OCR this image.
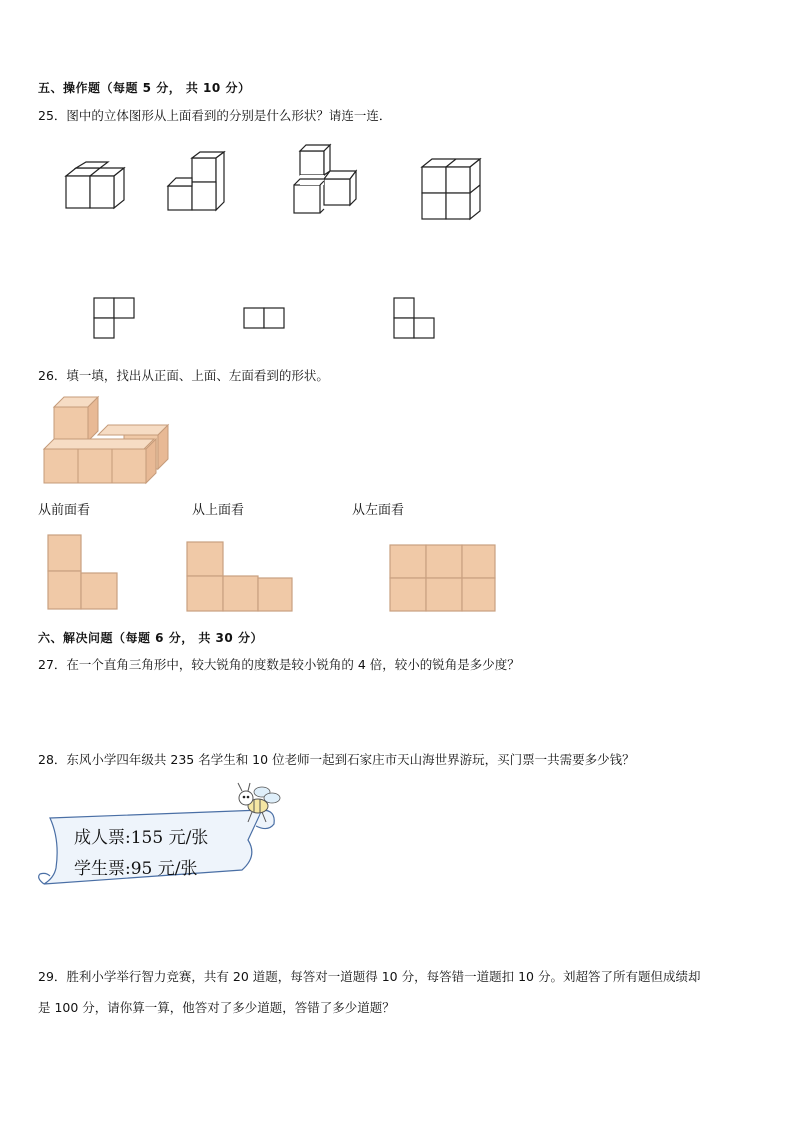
五、操作题（每题 5 分， 共 10 分）
25．图中的立体图形从上面看到的分别是什么形状？请连一连．
26．填一填，找出从正面、上面、左面看到的形状。
从前面看	从上面看	从左面看
六、解决问题（每题 6 分， 共 30 分）
27．在一个直角三角形中，较大锐角的度数是较小锐角的 4 倍，较小的锐角是多少度？
28．东风小学四年级共 235 名学生和 10 位老师一起到石家庄市天山海世界游玩，买门票一共需要多少钱？
成人票:155 元/张
学生票:95 元/张
29．胜利小学举行智力竞赛，共有 20 道题，每答对一道题得 10 分，每答错一道题扣 10 分。刘超答了所有题但成绩却
是 100 分，请你算一算，他答对了多少道题，答错了多少道题？
